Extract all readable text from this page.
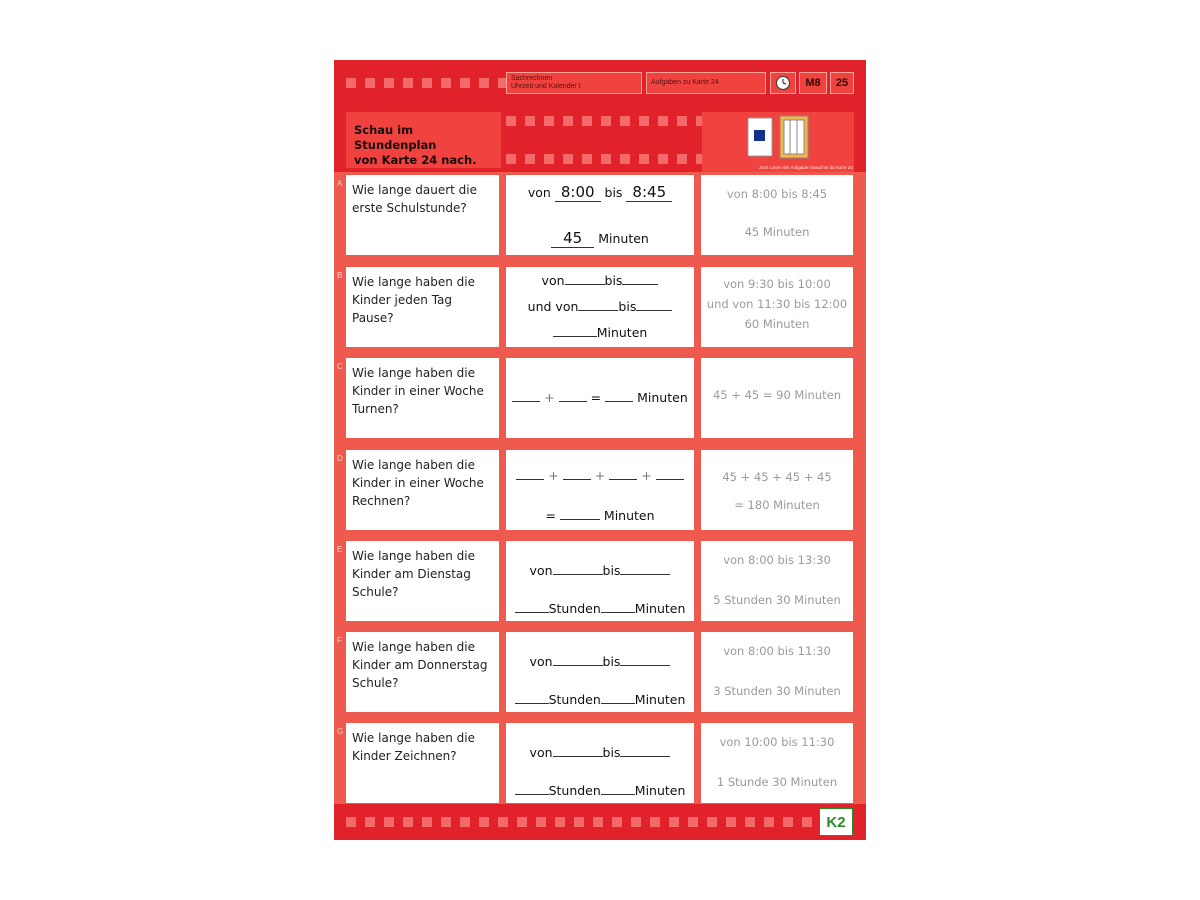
Sachrechnen
Uhrzeit und Kalender I
Aufgaben zu Karte 24	M8 25
Schau im Stundenplan
von Karte 24 nach.
Zum Lösen der Aufgaben brauchst du Karte 24.
A Wie lange dauert die erste Schulstunde?
von 8:00 bis 8:45
45 Minuten
von 8:00 bis 8:45
45 Minuten
B Wie lange haben die Kinder jeden Tag Pause?
von	bis
und von	bis
Minuten
von 9:30 bis 10:00
und von 11:30 bis 12:00
60 Minuten
C Wie lange haben die Kinder in einer Woche Turnen?
+	=	Minuten	45 + 45 = 90 Minuten
D Wie lange haben die Kinder in einer Woche Rechnen?
+	+	+
=	Minuten
45 + 45 + 45 + 45
= 180 Minuten
E Wie lange haben die Kinder am Dienstag Schule?
von	bis
Stunden	Minuten
von 8:00 bis 13:30
5 Stunden 30 Minuten
F Wie lange haben die Kinder am Donnerstag Schule?
von	bis
Stunden	Minuten
von 8:00 bis 11:30
3 Stunden 30 Minuten
G Wie lange haben die Kinder Zeichnen?	von	bis
Stunden	Minuten
von 10:00 bis 11:30
1 Stunde 30 Minuten
K2
